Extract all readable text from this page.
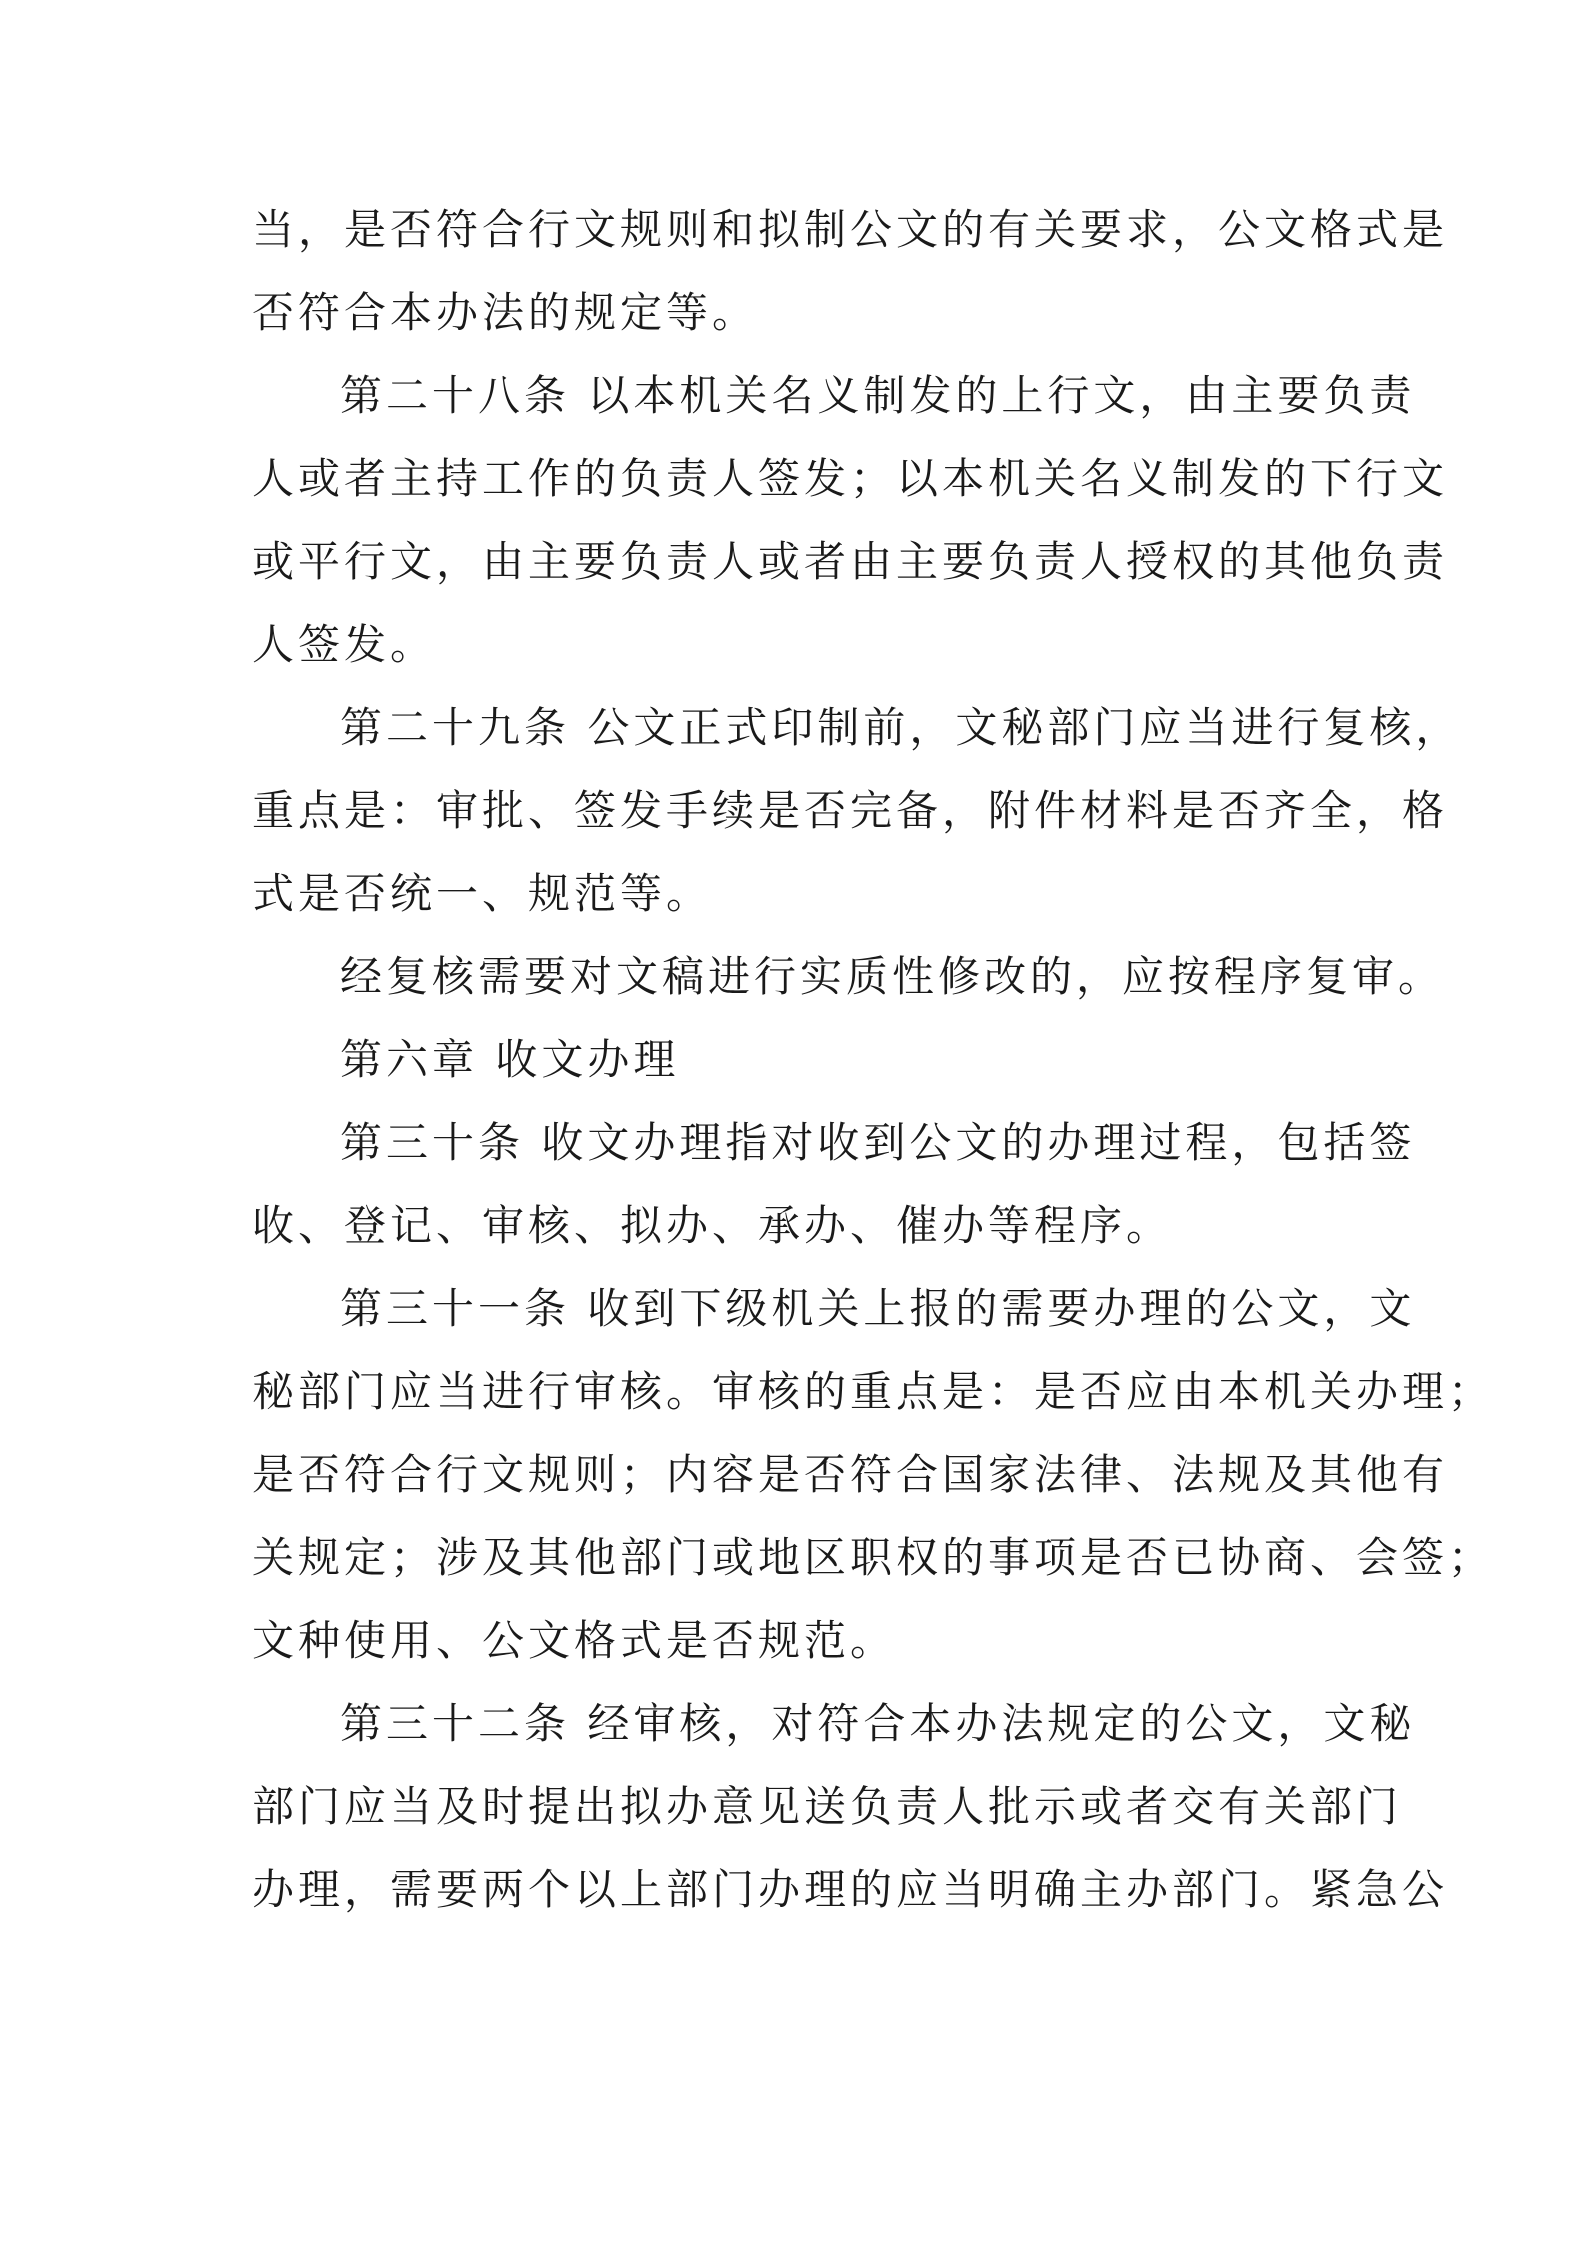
当，是否符合行文规则和拟制公文的有关要求，公文格式是
否符合本办法的规定等。
第二十八条 以本机关名义制发的上行文，由主要负责
人或者主持工作的负责人签发；以本机关名义制发的下行文
或平行文，由主要负责人或者由主要负责人授权的其他负责
人签发。
第二十九条 公文正式印制前，文秘部门应当进行复核，
重点是：审批、签发手续是否完备，附件材料是否齐全，格
式是否统一、规范等。
经复核需要对文稿进行实质性修改的，应按程序复审。
第六章 收文办理
第三十条 收文办理指对收到公文的办理过程，包括签
收、登记、审核、拟办、承办、催办等程序。
第三十一条 收到下级机关上报的需要办理的公文，文
秘部门应当进行审核。审核的重点是：是否应由本机关办理；
是否符合行文规则；内容是否符合国家法律、法规及其他有
关规定；涉及其他部门或地区职权的事项是否已协商、会签；
文种使用、公文格式是否规范。
第三十二条 经审核，对符合本办法规定的公文，文秘
部门应当及时提出拟办意见送负责人批示或者交有关部门
办理，需要两个以上部门办理的应当明确主办部门。紧急公
